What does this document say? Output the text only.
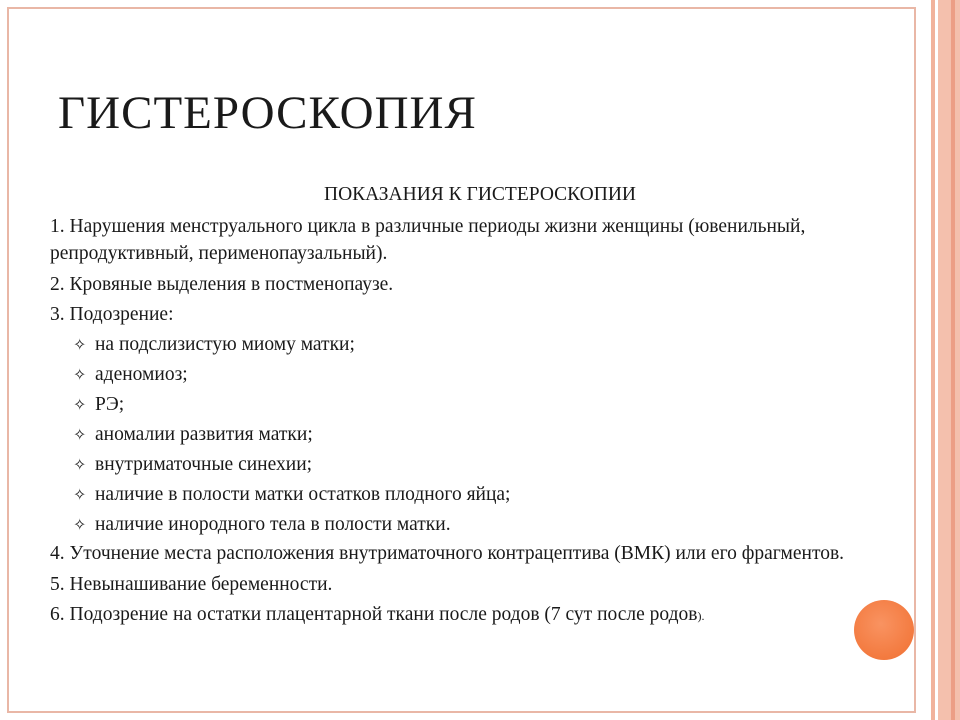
ГИСТЕРОСКОПИЯ
ПОКАЗАНИЯ К ГИСТЕРОСКОПИИ
1. Нарушения менструального цикла в различные периоды жизни женщины (ювенильный, репродуктивный, перименопаузальный).
2. Кровяные выделения в постменопаузе.
3. Подозрение:
✧ на подслизистую миому матки;
✧ аденомиоз;
✧ РЭ;
✧ аномалии развития матки;
✧ внутриматочные синехии;
✧ наличие в полости матки остатков плодного яйца;
✧ наличие инородного тела в полости матки.
4. Уточнение места расположения внутриматочного контрацептива (ВМК) или его фрагментов.
5. Невынашивание беременности.
6. Подозрение на остатки плацентарной ткани после родов (7 сут после родов).
